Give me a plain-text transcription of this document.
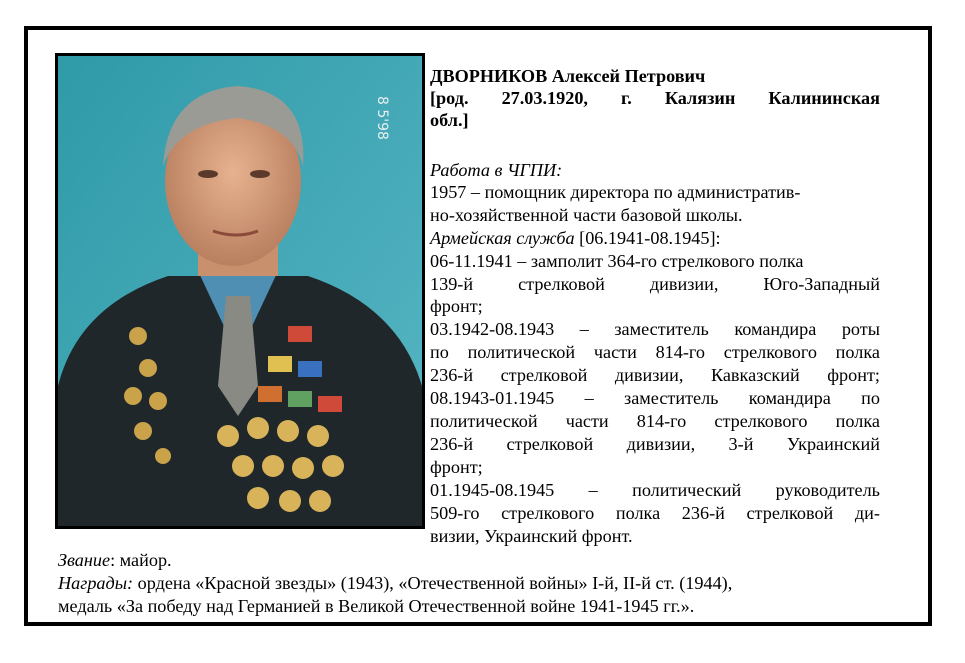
8 5'98
ДВОРНИКОВ Алексей Петрович
[род. 27.03.1920, г. Калязин Калининская
обл.]
Работа в ЧГПИ:
1957 – помощник директора по административ-
но-хозяйственной части базовой школы.
Армейская служба [06.1941-08.1945]:
06-11.1941 – замполит 364-го стрелкового полка
139-й стрелковой дивизии, Юго-Западный
фронт;
03.1942-08.1943 – заместитель командира роты
по политической части 814-го стрелкового полка
236-й стрелковой дивизии, Кавказский фронт;
08.1943-01.1945 – заместитель командира по
политической части 814-го стрелкового полка
236-й стрелковой дивизии, 3-й Украинский
фронт;
01.1945-08.1945 – политический руководитель
509-го стрелкового полка 236-й стрелковой ди-
визии, Украинский фронт.
Звание: майор.
Награды: ордена «Красной звезды» (1943), «Отечественной войны» I-й, II-й ст. (1944),
медаль «За победу над Германией в Великой Отечественной войне 1941-1945 гг.».
